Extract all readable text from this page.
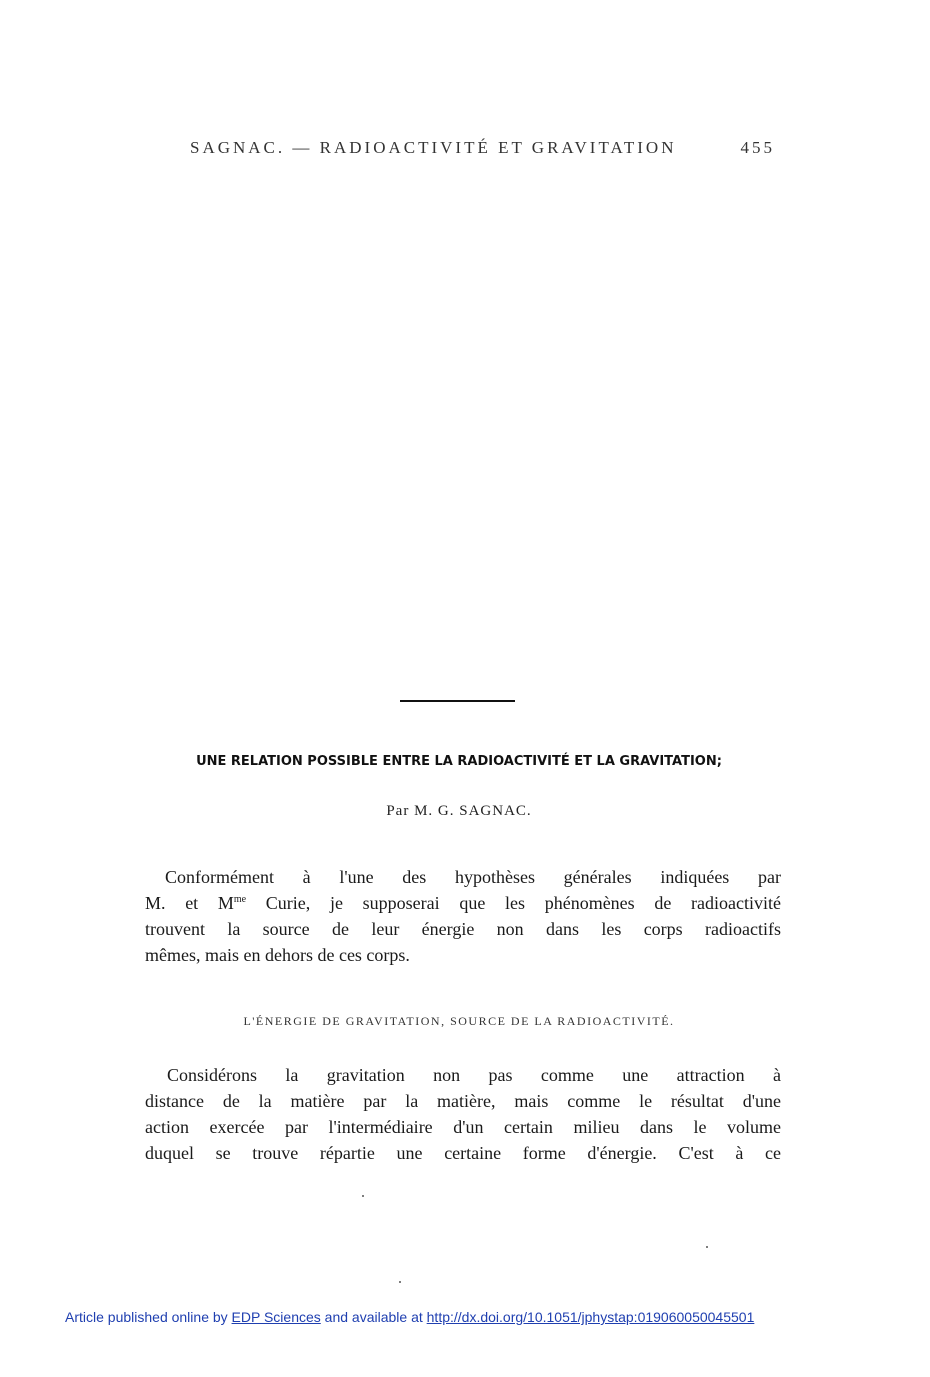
SAGNAC. — RADIOACTIVITÉ ET GRAVITATION	455
UNE RELATION POSSIBLE ENTRE LA RADIOACTIVITÉ ET LA GRAVITATION;
Par M. G. SAGNAC.
Conformément à l'une des hypothèses générales indiquées par
M. et $M^{me}$ Curie, je supposerai que les phénomènes de radioactivité
trouvent la source de leur énergie non dans les corps radioactifs
mêmes, mais en dehors de ces corps.
L'ÉNERGIE DE GRAVITATION, SOURCE DE LA RADIOACTIVITÉ.
Considérons la gravitation non pas comme une attraction à
distance de la matière par la matière, mais comme le résultat d'une
action exercée par l'intermédiaire d'un certain milieu dans le volume
duquel se trouve répartie une certaine forme d'énergie. C'est à ce
Article published online by EDP Sciences and available at http://dx.doi.org/10.1051/jphystap:019060050045501
